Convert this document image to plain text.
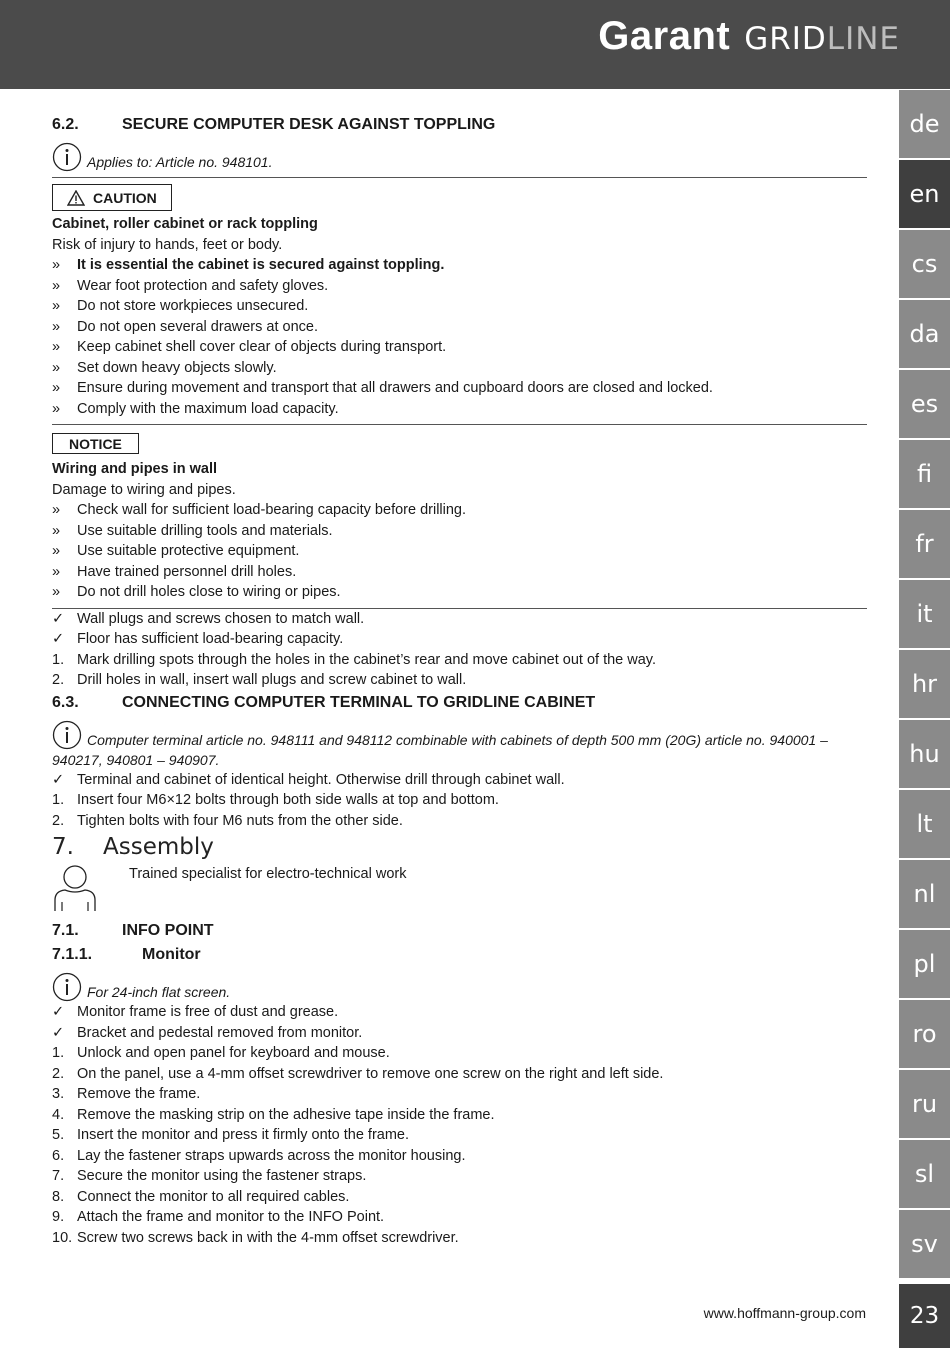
Garant GRIDLINE
de
en
cs
da
es
fi
fr
it
hr
hu
lt
nl
pl
ro
ru
sl
sv
23
www.hoffmann-group.com
6.2.	SECURE COMPUTER DESK AGAINST TOPPLING
Applies to: Article no. 948101.
CAUTION
Cabinet, roller cabinet or rack toppling
Risk of injury to hands, feet or body.
»	It is essential the cabinet is secured against toppling.
»	Wear foot protection and safety gloves.
»	Do not store workpieces unsecured.
»	Do not open several drawers at once.
»	Keep cabinet shell cover clear of objects during transport.
»	Set down heavy objects slowly.
»	Ensure during movement and transport that all drawers and cupboard doors are closed and locked.
»	Comply with the maximum load capacity.
NOTICE
Wiring and pipes in wall
Damage to wiring and pipes.
»	Check wall for sufficient load-bearing capacity before drilling.
»	Use suitable drilling tools and materials.
»	Use suitable protective equipment.
»	Have trained personnel drill holes.
»	Do not drill holes close to wiring or pipes.
✓ Wall plugs and screws chosen to match wall.
✓ Floor has sufficient load-bearing capacity.
1. Mark drilling spots through the holes in the cabinet’s rear and move cabinet out of the way.
2. Drill holes in wall, insert wall plugs and screw cabinet to wall.
6.3.	CONNECTING COMPUTER TERMINAL TO GRIDLINE CABINET
Computer terminal article no. 948111 and 948112 combinable with cabinets of depth 500 mm (20G) article no. 940001 –
940217, 940801 – 940907.
✓ Terminal and cabinet of identical height. Otherwise drill through cabinet wall.
1. Insert four M6×12 bolts through both side walls at top and bottom.
2. Tighten bolts with four M6 nuts from the other side.
7.	Assembly
Trained specialist for electro-technical work
7.1.	INFO POINT
7.1.1.	Monitor
For 24-inch flat screen.
✓ Monitor frame is free of dust and grease.
✓ Bracket and pedestal removed from monitor.
1. Unlock and open panel for keyboard and mouse.
2. On the panel, use a 4-mm offset screwdriver to remove one screw on the right and left side.
3. Remove the frame.
4. Remove the masking strip on the adhesive tape inside the frame.
5. Insert the monitor and press it firmly onto the frame.
6. Lay the fastener straps upwards across the monitor housing.
7. Secure the monitor using the fastener straps.
8. Connect the monitor to all required cables.
9. Attach the frame and monitor to the INFO Point.
10. Screw two screws back in with the 4-mm offset screwdriver.
